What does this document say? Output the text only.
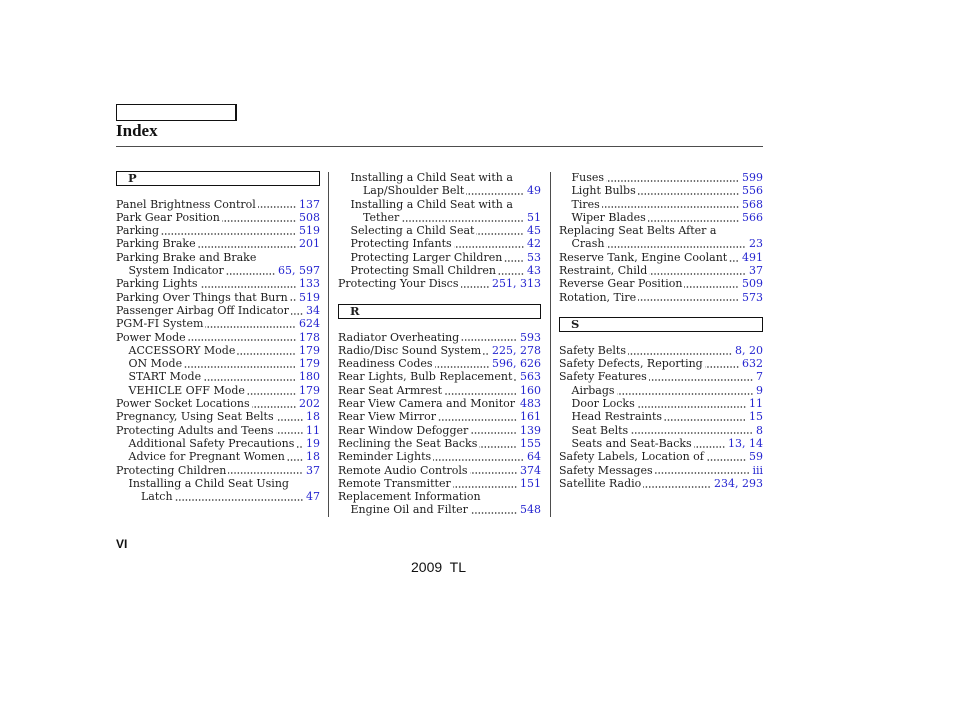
Index
P
Panel Brightness Control	137
Park Gear Position	508
Parking	519
Parking Brake	201
Parking Brake and Brake
System Indicator	65, 597
Parking Lights	133
Parking Over Things that Burn 519
Passenger Airbag Off Indicator 34
PGM-FI System	624
Power Mode	178
ACCESSORY Mode	179
ON Mode	179
START Mode	180
VEHICLE OFF Mode	179
Power Socket Locations	202
Pregnancy, Using Seat Belts	18
Protecting Adults and Teens	11
Additional Safety Precautions 19
Advice for Pregnant Women 18
Protecting Children	37
Installing a Child Seat Using
Latch	47
Installing a Child Seat with a
Lap/Shoulder Belt	49
Installing a Child Seat with a
Tether	51
Selecting a Child Seat	45
Protecting Infants	42
Protecting Larger Children 53
Protecting Small Children	43
Protecting Your Discs	251, 313
R
Radiator Overheating	593
Radio/Disc Sound System 225, 278
Readiness Codes	596, 626
Rear Lights, Bulb Replacement 563
Rear Seat Armrest	160
Rear View Camera and Monitor 483
Rear View Mirror	161
Rear Window Defogger	139
Reclining the Seat Backs	155
Reminder Lights	64
Remote Audio Controls	374
Remote Transmitter	151
Replacement Information
Engine Oil and Filter	548
Fuses	599
Light Bulbs	556
Tires	568
Wiper Blades	566
Replacing Seat Belts After a
Crash	23
Reserve Tank, Engine Coolant 491
Restraint, Child	37
Reverse Gear Position	509
Rotation, Tire	573
S
Safety Belts	8, 20
Safety Defects, Reporting	632
Safety Features	7
Airbags	9
Door Locks	11
Head Restraints	15
Seat Belts	8
Seats and Seat-Backs	13, 14
Safety Labels, Location of	59
Safety Messages	iii
Satellite Radio	234, 293
VI
2009  TL
